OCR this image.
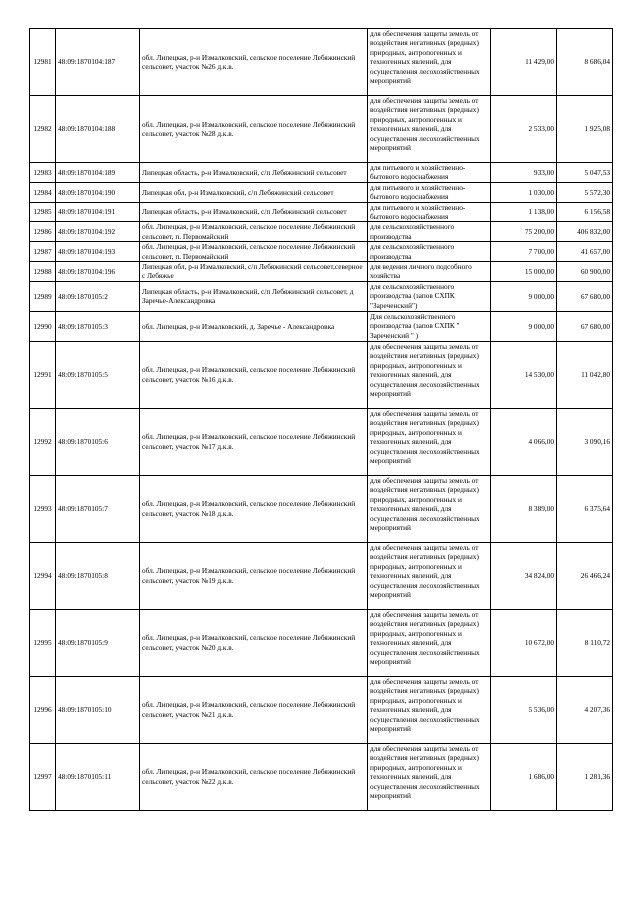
12981	48:09:1870104:187	обл. Липецкая, р-н Измалковский, сельское поселение Лебяжинский сельсовет, участок №26 д.к.в.	для обеспечения защиты земель от воздействия негативных (вредных) природных, антропогенных и техногенных явлений, для осуществления лесохозяйственных мероприятий	11 429,00	8 686,04
12982	48:09:1870104:188	обл. Липецкая, р-н Измалковский, сельское поселение Лебяжинский сельсовет, участок №28 д.к.в.	для обеспечения защиты земель от воздействия негативных (вредных) природных, антропогенных и техногенных явлений, для осуществления лесохозяйственных мероприятий	2 533,00	1 925,08
12983	48:09:1870104:189	Липецкая область, р-н Измалковский, с/п Лебяжинский сельсовет	для питьевого и хозяйственно-бытового водоснабжения	933,00	5 047,53
12984	48:09:1870104:190	Липецкая обл, р-н Измалковский, с/п Лебяжинский сельсовет	для питьевого и хозяйственно-бытового водоснабжения	1 030,00	5 572,30
12985	48:09:1870104:191	Липецкая область, р-н Измалковский, с/п Лебяжинский сельсовет	для питьевого и хозяйственно-бытового водоснабжения	1 138,00	6 156,58
12986	48:09:1870104:192	обл. Липецкая, р-н Измалковский, сельское поселение Лебяжинский сельсовет, п. Первомайский	для сельскохозяйственного производства	75 200,00	406 832,00
12987	48:09:1870104:193	обл. Липецкая, р-н Измалковский, сельское поселение Лебяжинский сельсовет, п. Первомайский	для сельскохозяйственного производства	7 700,00	41 657,00
12988	48:09:1870104:196	Липецкая обл, р-н Измалковский, с/п Лебяжинский сельсовет,северное с Лебяжье	для ведения личного подсобного хозяйства	15 000,00	60 900,00
12989	48:09:1870105:2	Липецкая область, р-н Измалковский, с/п Лебяжинский сельсовет, д Заречье-Александровка	для сельскохозяйственного производства (запов СХПК "Зареченский")	9 000,00	67 680,00
12990	48:09:1870105:3	обл. Липецкая, р-н Измалковский, д. Заречье - Александровка	Для сельскохозяйственного производства (запов СХПК " Зареченский " )	9 000,00	67 680,00
12991	48:09:1870105:5	обл. Липецкая, р-н Измалковский, сельское поселение Лебяжинский сельсовет, участок №16 д.к.в.	для обеспечения защиты земель от воздействия негативных (вредных) природных, антропогенных и техногенных явлений, для осуществления лесохозяйственных мероприятий	14 530,00	11 042,80
12992	48:09:1870105:6	обл. Липецкая, р-н Измалковский, сельское поселение Лебяжинский сельсовет, участок №17 д.к.в.	для обеспечения защиты земель от воздействия негативных (вредных) природных, антропогенных и техногенных явлений, для осуществления лесохозяйственных мероприятий	4 066,00	3 090,16
12993	48:09:1870105:7	обл. Липецкая, р-н Измалковский, сельское поселение Лебяжинский сельсовет, участок №18 д.к.в.	для обеспечения защиты земель от воздействия негативных (вредных) природных, антропогенных и техногенных явлений, для осуществления лесохозяйственных мероприятий	8 389,00	6 375,64
12994	48:09:1870105:8	обл. Липецкая, р-н Измалковский, сельское поселение Лебяжинский сельсовет, участок №19 д.к.в.	для обеспечения защиты земель от воздействия негативных (вредных) природных, антропогенных и техногенных явлений, для осуществления лесохозяйственных мероприятий	34 824,00	26 466,24
12995	48:09:1870105:9	обл. Липецкая, р-н Измалковский, сельское поселение Лебяжинский сельсовет, участок №20 д.к.в.	для обеспечения защиты земель от воздействия негативных (вредных) природных, антропогенных и техногенных явлений, для осуществления лесохозяйственных мероприятий	10 672,00	8 110,72
12996	48:09:1870105:10	обл. Липецкая, р-н Измалковский, сельское поселение Лебяжинский сельсовет, участок №21 д.к.в.	для обеспечения защиты земель от воздействия негативных (вредных) природных, антропогенных и техногенных явлений, для осуществления лесохозяйственных мероприятий	5 536,00	4 207,36
12997	48:09:1870105:11	обл. Липецкая, р-н Измалковский, сельское поселение Лебяжинский сельсовет, участок №22 д.к.в.	для обеспечения защиты земель от воздействия негативных (вредных) природных, антропогенных и техногенных явлений, для осуществления лесохозяйственных мероприятий	1 686,00	1 281,36
